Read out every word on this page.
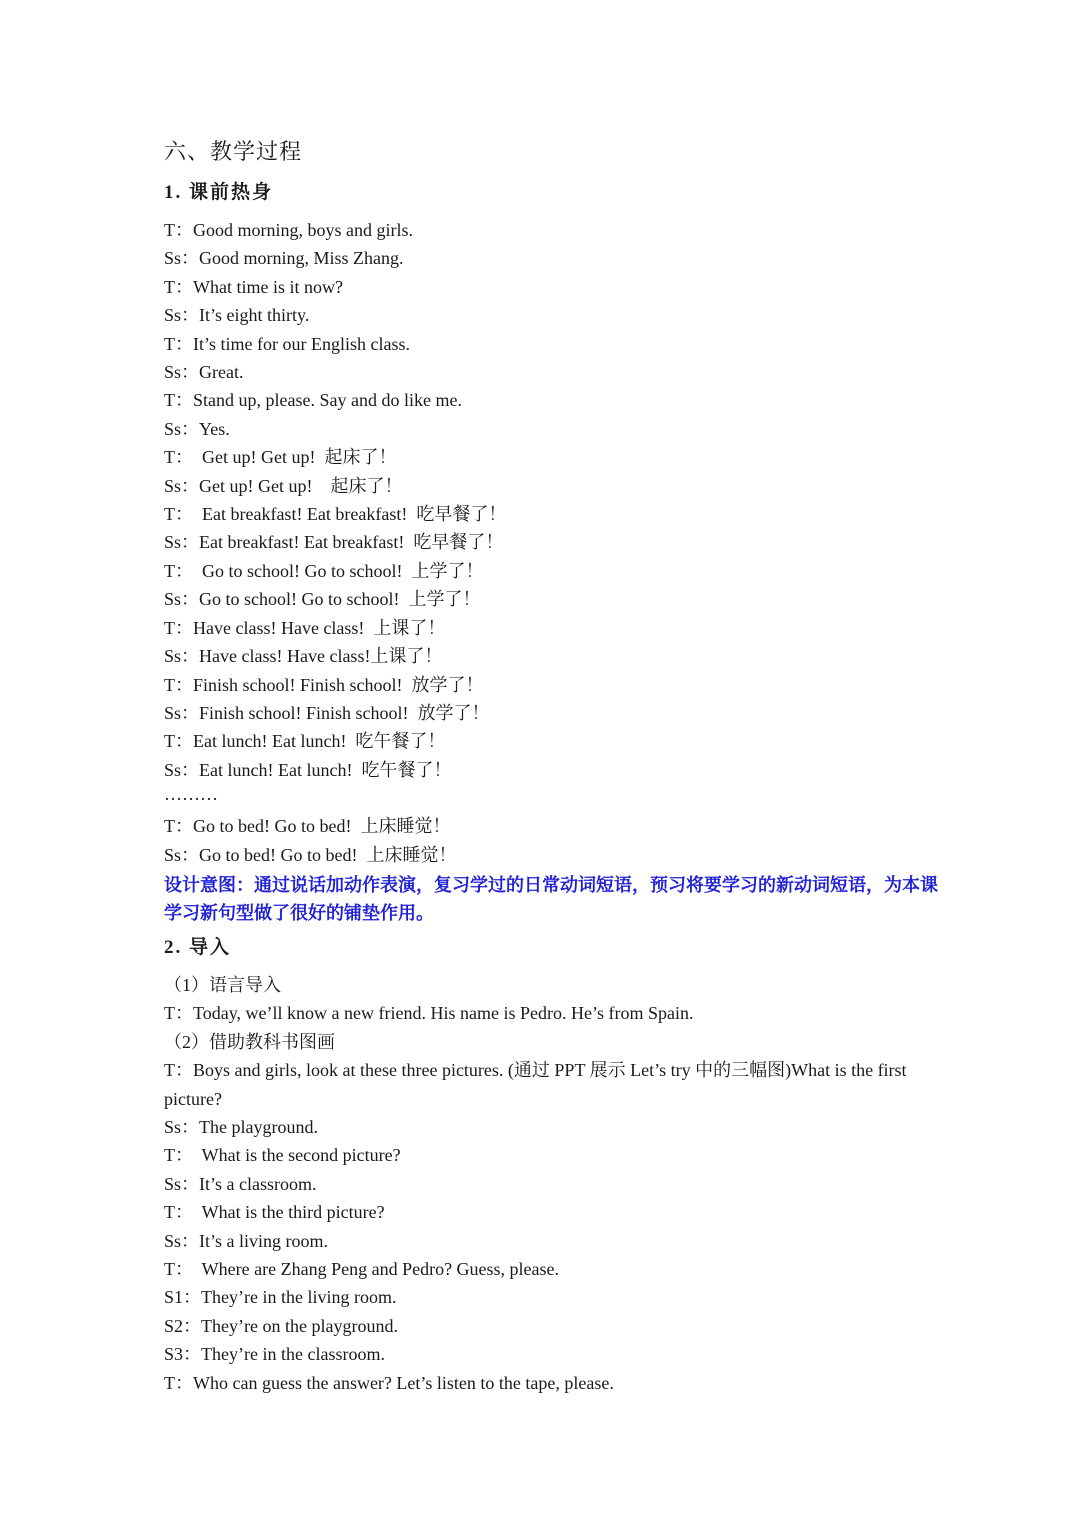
六、教学过程
1. 课前热身

T：Good morning, boys and girls.

Ss：Good morning, Miss Zhang.

T：What time is it now?

Ss：It’s eight thirty.

T：It’s time for our English class.

Ss：Great.

T：Stand up, please. Say and do like me.

Ss：Yes.

T：  Get up! Get up!  起床了！

Ss：Get up! Get up!    起床了！

T：  Eat breakfast! Eat breakfast!  吃早餐了！

Ss：Eat breakfast! Eat breakfast!  吃早餐了！

T：  Go to school! Go to school!  上学了！

Ss：Go to school! Go to school!  上学了！

T：Have class! Have class!  上课了！

Ss：Have class! Have class!上课了！

T：Finish school! Finish school!  放学了！

Ss：Finish school! Finish school!  放学了！

T：Eat lunch! Eat lunch!  吃午餐了！

Ss：Eat lunch! Eat lunch!  吃午餐了！

………

T：Go to bed! Go to bed!  上床睡觉！

Ss：Go to bed! Go to bed!  上床睡觉！

设计意图：通过说话加动作表演，复习学过的日常动词短语，预习将要学习的新动词短语，为本课学习新句型做了很好的铺垫作用。

2. 导入

（1）语言导入

T：Today, we’ll know a new friend. His name is Pedro. He’s from Spain.

（2）借助教科书图画

T：Boys and girls, look at these three pictures. (通过 PPT 展示 Let’s try 中的三幅图)What is the first picture?

Ss：The playground.

T：  What is the second picture?

Ss：It’s a classroom.

T：  What is the third picture?

Ss：It’s a living room.

T：  Where are Zhang Peng and Pedro? Guess, please.

S1：They’re in the living room.

S2：They’re on the playground.

S3：They’re in the classroom.

T：Who can guess the answer? Let’s listen to the tape, please.
